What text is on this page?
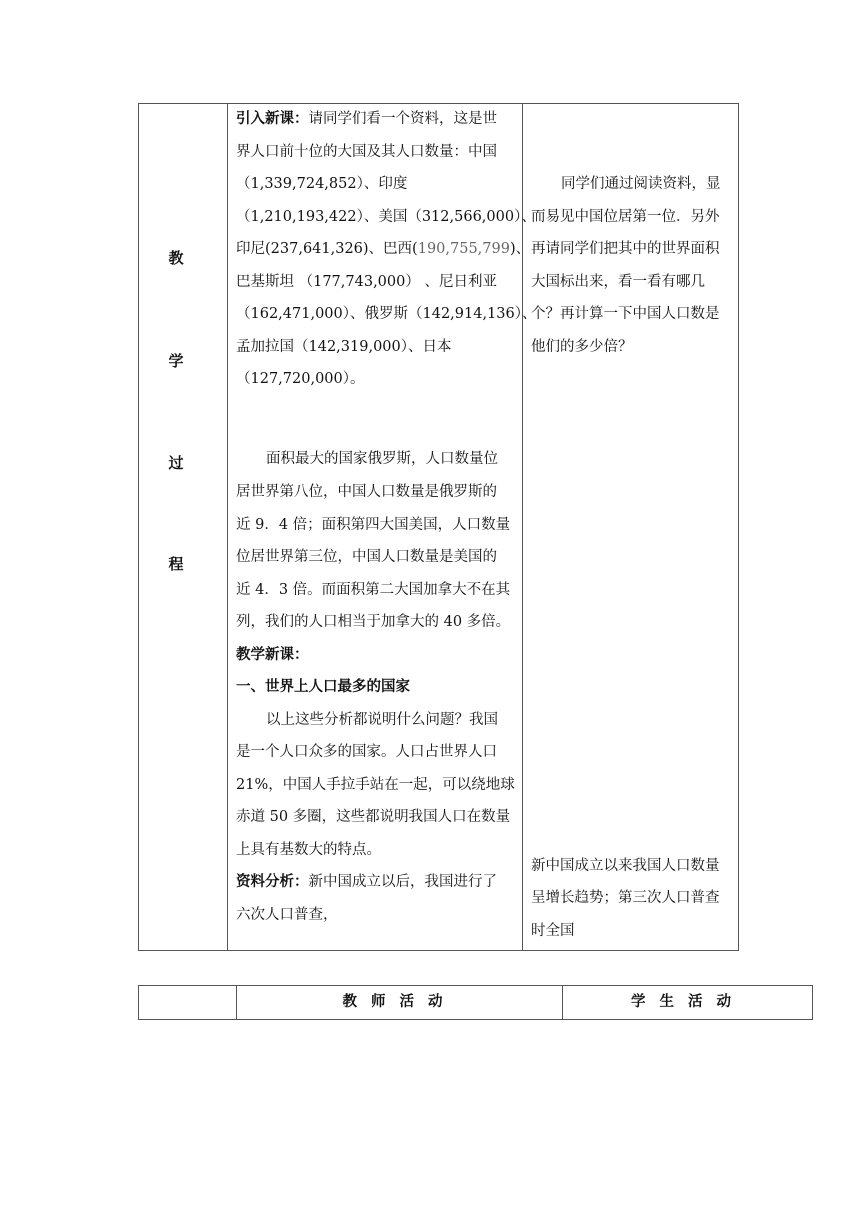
教
学
过
程

引入新课：请同学们看一个资料，这是世

界人口前十位的大国及其人口数量：中国

（1,339,724,852）、印度

（1,210,193,422）、美国（312,566,000）、

印尼(237,641,326)、巴西(190,755,799)、

巴基斯坦 （177,743,000） 、尼日利亚

（162,471,000）、俄罗斯（142,914,136）、

孟加拉国（142,319,000）、日本

（127,720,000）。

面积最大的国家俄罗斯，人口数量位

居世界第八位，中国人口数量是俄罗斯的

近 9．4 倍；面积第四大国美国，人口数量

位居世界第三位，中国人口数量是美国的

近 4．3 倍。而面积第二大国加拿大不在其

列，我们的人口相当于加拿大的 40 多倍。

教学新课：

一、世界上人口最多的国家

以上这些分析都说明什么问题？我国

是一个人口众多的国家。人口占世界人口

21%，中国人手拉手站在一起，可以绕地球

赤道 50 多圈，这些都说明我国人口在数量

上具有基数大的特点。

资料分析：新中国成立以后，我国进行了

六次人口普查，

同学们通过阅读资料，显

而易见中国位居第一位．另外

再请同学们把其中的世界面积

大国标出来，看一看有哪几

个？再计算一下中国人口数是

他们的多少倍？

新中国成立以来我国人口数量

呈增长趋势；第三次人口普查

时全国

教师活动	学生活动
